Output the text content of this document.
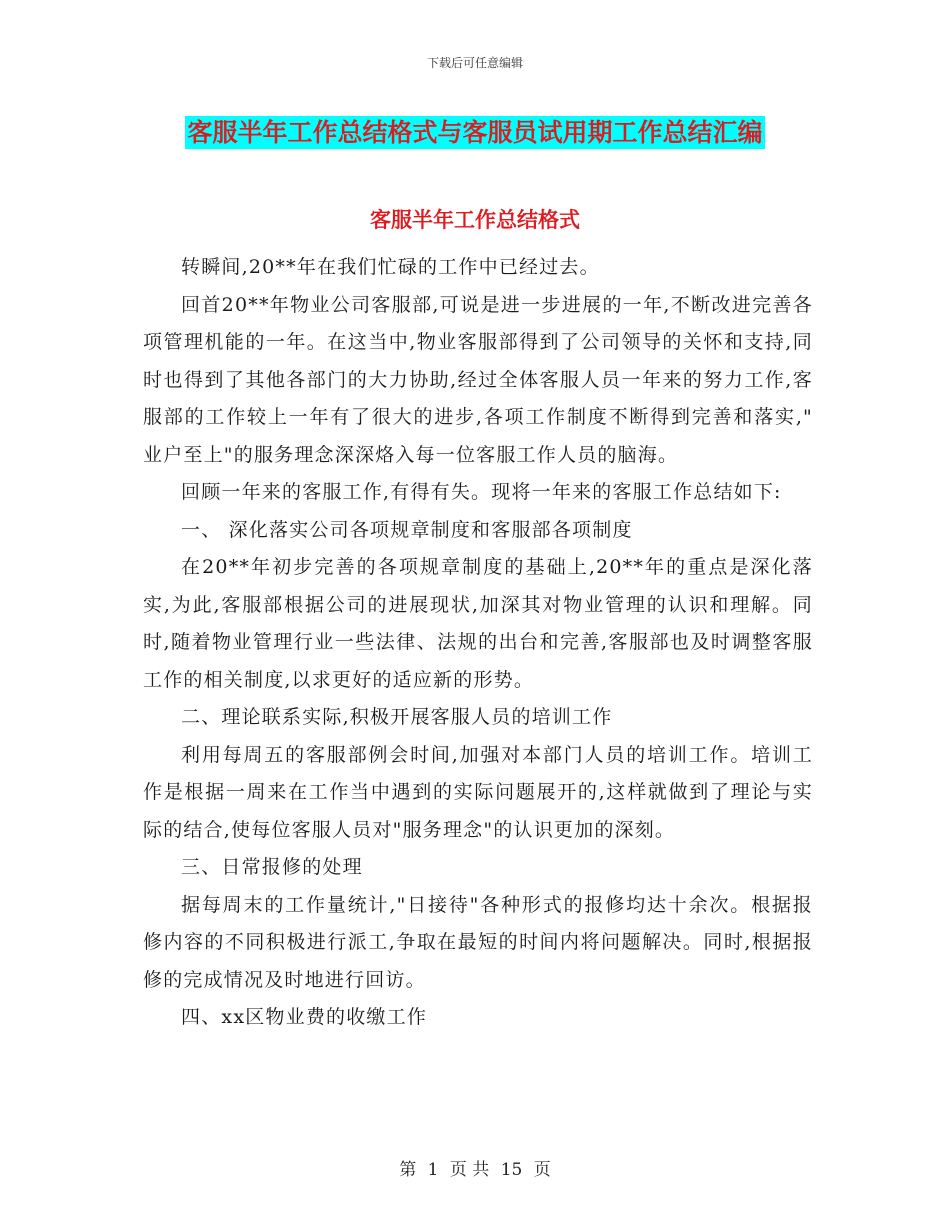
下载后可任意编辑
客服半年工作总结格式与客服员试用期工作总结汇编
客服半年工作总结格式

转瞬间,20**年在我们忙碌的工作中已经过去。

回首20**年物业公司客服部,可说是进一步进展的一年,不断改进完善各项管理机能的一年。在这当中,物业客服部得到了公司领导的关怀和支持,同时也得到了其他各部门的大力协助,经过全体客服人员一年来的努力工作,客服部的工作较上一年有了很大的进步,各项工作制度不断得到完善和落实," 业户至上"的服务理念深深烙入每一位客服工作人员的脑海。

回顾一年来的客服工作,有得有失。现将一年来的客服工作总结如下:

一、 深化落实公司各项规章制度和客服部各项制度

在20**年初步完善的各项规章制度的基础上,20**年的重点是深化落实,为此,客服部根据公司的进展现状,加深其对物业管理的认识和理解。同时,随着物业管理行业一些法律、法规的出台和完善,客服部也及时调整客服工作的相关制度,以求更好的适应新的形势。

二、理论联系实际,积极开展客服人员的培训工作

利用每周五的客服部例会时间,加强对本部门人员的培训工作。培训工作是根据一周来在工作当中遇到的实际问题展开的,这样就做到了理论与实际的结合,使每位客服人员对"服务理念"的认识更加的深刻。

三、日常报修的处理

据每周末的工作量统计,"日接待"各种形式的报修均达十余次。根据报修内容的不同积极进行派工,争取在最短的时间内将问题解决。同时,根据报修的完成情况及时地进行回访。

四、xx区物业费的收缴工作

第 1 页 共 15 页
